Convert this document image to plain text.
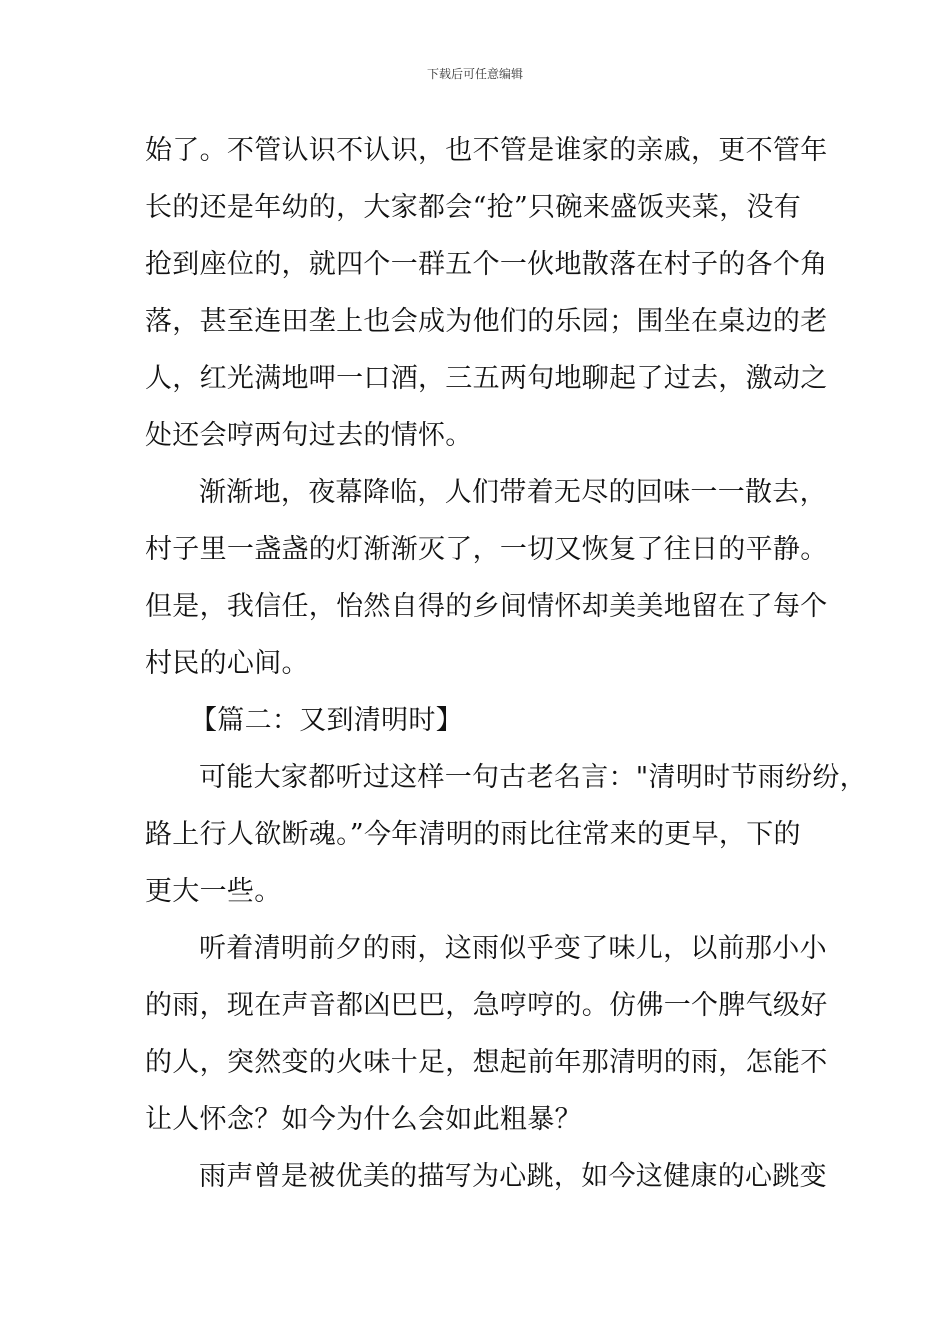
下载后可任意编辑
始了。不管认识不认识，也不管是谁家的亲戚，更不管年
长的还是年幼的，大家都会“抢”只碗来盛饭夹菜，没有
抢到座位的，就四个一群五个一伙地散落在村子的各个角
落，甚至连田垄上也会成为他们的乐园；围坐在桌边的老
人，红光满地呷一口酒，三五两句地聊起了过去，激动之
处还会哼两句过去的情怀。
渐渐地，夜幕降临，人们带着无尽的回味一一散去，
村子里一盏盏的灯渐渐灭了，一切又恢复了往日的平静。
但是，我信任，怡然自得的乡间情怀却美美地留在了每个
村民的心间。
【篇二：又到清明时】
可能大家都听过这样一句古老名言："清明时节雨纷纷，
路上行人欲断魂。”今年清明的雨比往常来的更早，下的
更大一些。
听着清明前夕的雨，这雨似乎变了味儿，以前那小小
的雨，现在声音都凶巴巴，急哼哼的。仿佛一个脾气级好
的人，突然变的火味十足，想起前年那清明的雨，怎能不
让人怀念？如今为什么会如此粗暴？
雨声曾是被优美的描写为心跳，如今这健康的心跳变
